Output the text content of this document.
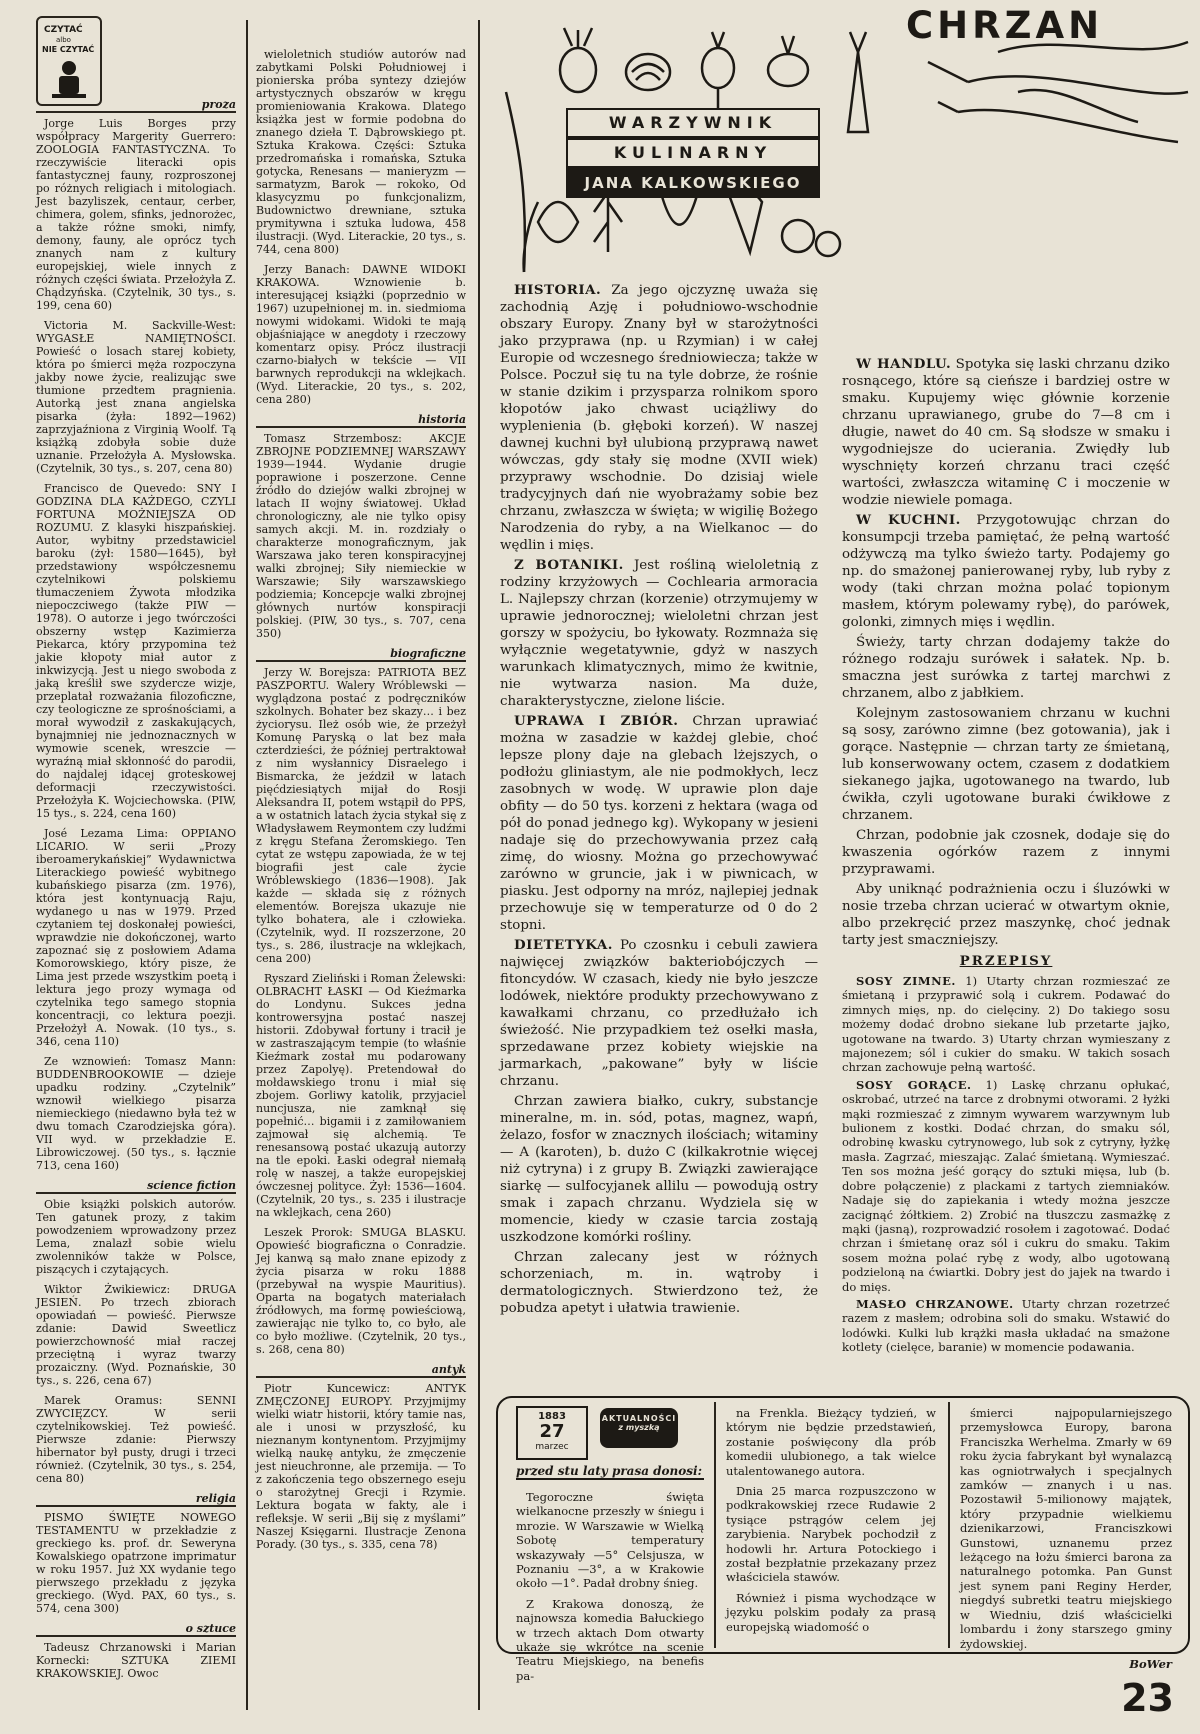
CZYTAĆ
albo
NIE CZYTAĆ
proza

Jorge Luis Borges przy współpracy Margerity Guerrero: ZOOLOGIA FANTASTYCZNA. To rzeczywiście literacki opis fantastycznej fauny, rozproszonej po różnych religiach i mitologiach. Jest bazyliszek, centaur, cerber, chimera, golem, sfinks, jednorożec, a także różne smoki, nimfy, demony, fauny, ale oprócz tych znanych nam z kultury europejskiej, wiele innych z różnych części świata. Przełożyła Z. Chądzyńska. (Czytelnik, 30 tys., s. 199, cena 60)

Victoria M. Sackville-West: WYGASŁE NAMIĘTNOŚCI. Powieść o losach starej kobiety, która po śmierci męża rozpoczyna jakby nowe życie, realizując swe tłumione przedtem pragnienia. Autorką jest znana angielska pisarka (żyła: 1892—1962) zaprzyjaźniona z Virginią Woolf. Tą książką zdobyła sobie duże uznanie. Przełożyła A. Mysłowska. (Czytelnik, 30 tys., s. 207, cena 80)

Francisco de Quevedo: SNY I GODZINA DLA KAŻDEGO, CZYLI FORTUNA MOŻNIEJSZA OD ROZUMU. Z klasyki hiszpańskiej. Autor, wybitny przedstawiciel baroku (żył: 1580—1645), był przedstawiony współczesnemu czytelnikowi polskiemu tłumaczeniem Żywota młodzika niepoczciwego (także PIW — 1978). O autorze i jego twórczości obszerny wstęp Kazimierza Piekarca, który przypomina też jakie kłopoty miał autor z inkwizycją. Jest u niego swoboda z jaką kreślił swe szydercze wizje, przeplatał rozważania filozoficzne, czy teologiczne ze sprośnościami, a morał wywodził z zaskakujących, bynajmniej nie jednoznacznych w wymowie scenek, wreszcie — wyraźną miał skłonność do parodii, do najdalej idącej groteskowej deformacji rzeczywistości. Przełożyła K. Wojciechowska. (PIW, 15 tys., s. 224, cena 160)

José Lezama Lima: OPPIANO LICARIO. W serii „Prozy iberoamerykańskiej” Wydawnictwa Literackiego powieść wybitnego kubańskiego pisarza (zm. 1976), która jest kontynuacją Raju, wydanego u nas w 1979. Przed czytaniem tej doskonałej powieści, wprawdzie nie dokończonej, warto zapoznać się z posłowiem Adama Komorowskiego, który pisze, że Lima jest przede wszystkim poetą i lektura jego prozy wymaga od czytelnika tego samego stopnia koncentracji, co lektura poezji. Przełożył A. Nowak. (10 tys., s. 346, cena 110)

Ze wznowień: Tomasz Mann: BUDDENBROOKOWIE — dzieje upadku rodziny. „Czytelnik” wznowił wielkiego pisarza niemieckiego (niedawno była też w dwu tomach Czarodziejska góra). VII wyd. w przekładzie E. Librowiczowej. (50 tys., s. łącznie 713, cena 160)

science fiction

Obie książki polskich autorów. Ten gatunek prozy, z takim powodzeniem wprowadzony przez Lema, znalazł sobie wielu zwolenników także w Polsce, piszących i czytających.

Wiktor Żwikiewicz: DRUGA JESIEŃ. Po trzech zbiorach opowiadań — powieść. Pierwsze zdanie: Dawid Sweetlicz powierzchowność miał raczej przeciętną i wyraz twarzy prozaiczny. (Wyd. Poznańskie, 30 tys., s. 226, cena 67)

Marek Oramus: SENNI ZWYCIĘZCY. W serii czytelnikowskiej. Też powieść. Pierwsze zdanie: Pierwszy hibernator był pusty, drugi i trzeci również. (Czytelnik, 30 tys., s. 254, cena 80)

religia

PISMO ŚWIĘTE NOWEGO TESTAMENTU w przekładzie z greckiego ks. prof. dr. Seweryna Kowalskiego opatrzone imprimatur w roku 1957. Już XX wydanie tego pierwszego przekładu z języka greckiego. (Wyd. PAX, 60 tys., s. 574, cena 300)

o sztuce

Tadeusz Chrzanowski i Marian Kornecki: SZTUKA ZIEMI KRAKOWSKIEJ. Owoc

wieloletnich studiów autorów nad zabytkami Polski Południowej i pionierska próba syntezy dziejów artystycznych obszarów w kręgu promieniowania Krakowa. Dlatego książka jest w formie podobna do znanego dzieła T. Dąbrowskiego pt. Sztuka Krakowa. Części: Sztuka przedromańska i romańska, Sztuka gotycka, Renesans — manieryzm — sarmatyzm, Barok — rokoko, Od klasycyzmu po funkcjonalizm, Budownictwo drewniane, sztuka prymitywna i sztuka ludowa, 458 ilustracji. (Wyd. Literackie, 20 tys., s. 744, cena 800)

Jerzy Banach: DAWNE WIDOKI KRAKOWA. Wznowienie b. interesującej książki (poprzednio w 1967) uzupełnionej m. in. siedmioma nowymi widokami. Widoki te mają objaśniające w anegdoty i rzeczowy komentarz opisy. Prócz ilustracji czarno-białych w tekście — VII barwnych reprodukcji na wklejkach. (Wyd. Literackie, 20 tys., s. 202, cena 280)

historia

Tomasz Strzembosz: AKCJE ZBROJNE PODZIEMNEJ WARSZAWY 1939—1944. Wydanie drugie poprawione i poszerzone. Cenne źródło do dziejów walki zbrojnej w latach II wojny światowej. Układ chronologiczny, ale nie tylko opisy samych akcji. M. in. rozdziały o charakterze monograficznym, jak Warszawa jako teren konspiracyjnej walki zbrojnej; Siły niemieckie w Warszawie; Siły warszawskiego podziemia; Koncepcje walki zbrojnej głównych nurtów konspiracji polskiej. (PIW, 30 tys., s. 707, cena 350)

biograficzne

Jerzy W. Borejsza: PATRIOTA BEZ PASZPORTU. Walery Wróblewski — wyglądzona postać z podręczników szkolnych. Bohater bez skazy… i bez życiorysu. Ileż osób wie, że przeżył Komunę Paryską o lat bez mała czterdzieści, że później pertraktował z nim wysłannicy Disraelego i Bismarcka, że jeździł w latach pięćdziesiątych mijał do Rosji Aleksandra II, potem wstąpił do PPS, a w ostatnich latach życia stykał się z Władysławem Reymontem czy ludźmi z kręgu Stefana Żeromskiego. Ten cytat ze wstępu zapowiada, że w tej biografii jest cale życie Wróblewskiego (1836—1908). Jak każde — składa się z różnych elementów. Borejsza ukazuje nie tylko bohatera, ale i człowieka. (Czytelnik, wyd. II rozszerzone, 20 tys., s. 286, ilustracje na wklejkach, cena 200)

Ryszard Zieliński i Roman Żelewski: OLBRACHT ŁASKI — Od Kieźmarka do Londynu. Sukces jedna kontrowersyjna postać naszej historii. Zdobywał fortuny i tracił je w zastraszającym tempie (to właśnie Kieźmark został mu podarowany przez Zapolyę). Pretendował do mołdawskiego tronu i miał się zbojem. Gorliwy katolik, przyjaciel nuncjusza, nie zamknął się popełnić… bigamii i z zamiłowaniem zajmował się alchemią. Te renesansową postać ukazują autorzy na tle epoki. Łaski odegrał niemałą rolę w naszej, a także europejskiej ówczesnej polityce. Żył: 1536—1604. (Czytelnik, 20 tys., s. 235 i ilustracje na wklejkach, cena 260)

Leszek Prorok: SMUGA BLASKU. Opowieść biograficzna o Conradzie. Jej kanwą są mało znane epizody z życia pisarza w roku 1888 (przebywał na wyspie Mauritius). Oparta na bogatych materiałach źródłowych, ma formę powieściową, zawierając nie tylko to, co było, ale co było możliwe. (Czytelnik, 20 tys., s. 268, cena 80)

antyk

Piotr Kuncewicz: ANTYK ZMĘCZONEJ EUROPY. Przyjmijmy wielki wiatr historii, który tamie nas, ale i unosi w przyszłość, ku nieznanym kontynentom. Przyjmijmy wielką naukę antyku, że zmęczenie jest nieuchronne, ale przemija. — To z zakończenia tego obszernego eseju o starożytnej Grecji i Rzymie. Lektura bogata w fakty, ale i refleksje. W serii „Bij się z myślami” Naszej Księgarni. Ilustracje Zenona Porady. (30 tys., s. 335, cena 78)

CHRZAN
WARZYWNIK
KULINARNY
JANA KALKOWSKIEGO

HISTORIA. Za jego ojczyznę uważa się zachodnią Azję i południowo-wschodnie obszary Europy. Znany był w starożytności jako przyprawa (np. u Rzymian) i w całej Europie od wczesnego średniowiecza; także w Polsce. Poczuł się tu na tyle dobrze, że rośnie w stanie dzikim i przysparza rolnikom sporo kłopotów jako chwast uciążliwy do wyplenienia (b. głęboki korzeń). W naszej dawnej kuchni był ulubioną przyprawą nawet wówczas, gdy stały się modne (XVII wiek) przyprawy wschodnie. Do dzisiaj wiele tradycyjnych dań nie wyobrażamy sobie bez chrzanu, zwłaszcza w święta; w wigilię Bożego Narodzenia do ryby, a na Wielkanoc — do wędlin i mięs.

Z BOTANIKI. Jest rośliną wieloletnią z rodziny krzyżowych — Cochlearia armoracia L. Najlepszy chrzan (korzenie) otrzymujemy w uprawie jednorocznej; wieloletni chrzan jest gorszy w spożyciu, bo łykowaty. Rozmnaża się wyłącznie wegetatywnie, gdyż w naszych warunkach klimatycznych, mimo że kwitnie, nie wytwarza nasion. Ma duże, charakterystyczne, zielone liście.

UPRAWA I ZBIÓR. Chrzan uprawiać można w zasadzie w każdej glebie, choć lepsze plony daje na glebach lżejszych, o podłożu gliniastym, ale nie podmokłych, lecz zasobnych w wodę. W uprawie plon daje obfity — do 50 tys. korzeni z hektara (waga od pół do ponad jednego kg). Wykopany w jesieni nadaje się do przechowywania przez całą zimę, do wiosny. Można go przechowywać zarówno w gruncie, jak i w piwnicach, w piasku. Jest odporny na mróz, najlepiej jednak przechowuje się w temperaturze od 0 do 2 stopni.

DIETETYKA. Po czosnku i cebuli zawiera najwięcej związków bakteriobójczych — fitoncydów. W czasach, kiedy nie było jeszcze lodówek, niektóre produkty przechowywano z kawałkami chrzanu, co przedłużało ich świeżość. Nie przypadkiem też osełki masła, sprzedawane przez kobiety wiejskie na jarmarkach, „pakowane” były w liście chrzanu.

Chrzan zawiera białko, cukry, substancje mineralne, m. in. sód, potas, magnez, wapń, żelazo, fosfor w znacznych ilościach; witaminy — A (karoten), b. dużo C (kilkakrotnie więcej niż cytryna) i z grupy B. Związki zawierające siarkę — sulfocyjanek allilu — powodują ostry smak i zapach chrzanu. Wydziela się w momencie, kiedy w czasie tarcia zostają uszkodzone komórki rośliny.

Chrzan zalecany jest w różnych schorzeniach, m. in. wątroby i dermatologicznych. Stwierdzono też, że pobudza apetyt i ułatwia trawienie.

W HANDLU. Spotyka się laski chrzanu dziko rosnącego, które są cieńsze i bardziej ostre w smaku. Kupujemy więc głównie korzenie chrzanu uprawianego, grube do 7—8 cm i długie, nawet do 40 cm. Są słodsze w smaku i wygodniejsze do ucierania. Zwiędły lub wyschnięty korzeń chrzanu traci część wartości, zwłaszcza witaminę C i moczenie w wodzie niewiele pomaga.

W KUCHNI. Przygotowując chrzan do konsumpcji trzeba pamiętać, że pełną wartość odżywczą ma tylko świeżo tarty. Podajemy go np. do smażonej panierowanej ryby, lub ryby z wody (taki chrzan można polać topionym masłem, którym polewamy rybę), do parówek, golonki, zimnych mięs i wędlin.

Świeży, tarty chrzan dodajemy także do różnego rodzaju surówek i sałatek. Np. b. smaczna jest surówka z tartej marchwi z chrzanem, albo z jabłkiem.

Kolejnym zastosowaniem chrzanu w kuchni są sosy, zarówno zimne (bez gotowania), jak i gorące. Następnie — chrzan tarty ze śmietaną, lub konserwowany octem, czasem z dodatkiem siekanego jajka, ugotowanego na twardo, lub ćwikła, czyli ugotowane buraki ćwikłowe z chrzanem.

Chrzan, podobnie jak czosnek, dodaje się do kwaszenia ogórków razem z innymi przyprawami.

Aby uniknąć podrażnienia oczu i śluzówki w nosie trzeba chrzan ucierać w otwartym oknie, albo przekręcić przez maszynkę, choć jednak tarty jest smaczniejszy.

PRZEPISY

SOSY ZIMNE. 1) Utarty chrzan rozmieszać ze śmietaną i przyprawić solą i cukrem. Podawać do zimnych mięs, np. do cielęciny. 2) Do takiego sosu możemy dodać drobno siekane lub przetarte jajko, ugotowane na twardo. 3) Utarty chrzan wymieszany z majonezem; sól i cukier do smaku. W takich sosach chrzan zachowuje pełną wartość.

SOSY GORĄCE. 1) Laskę chrzanu opłukać, oskrobać, utrzeć na tarce z drobnymi otworami. 2 łyżki mąki rozmieszać z zimnym wywarem warzywnym lub bulionem z kostki. Dodać chrzan, do smaku sól, odrobinę kwasku cytrynowego, lub sok z cytryny, łyżkę masła. Zagrzać, mieszając. Zalać śmietaną. Wymieszać. Ten sos można jeść gorący do sztuki mięsa, lub (b. dobre połączenie) z plackami z tartych ziemniaków. Nadaje się do zapiekania i wtedy można jeszcze zacignąć żółtkiem. 2) Zrobić na tłuszczu zasmażkę z mąki (jasną), rozprowadzić rosołem i zagotować. Dodać chrzan i śmietanę oraz sól i cukru do smaku. Takim sosem można polać rybę z wody, albo ugotowaną podzieloną na ćwiartki. Dobry jest do jajek na twardo i do mięs.

MASŁO CHRZANOWE. Utarty chrzan rozetrzeć razem z masłem; odrobina soli do smaku. Wstawić do lodówki. Kulki lub krążki masła układać na smażone kotlety (cielęce, baranie) w momencie podawania.

1883
27
marzec
AKTUALNOŚCI
z myszką
przed stu laty prasa donosi:

Tegoroczne święta wielkanocne przeszły w śniegu i mrozie. W Warszawie w Wielką Sobotę temperatury wskazywały —5° Celsjusza, w Poznaniu —3°, a w Krakowie około —1°. Padał drobny śnieg.

Z Krakowa donoszą, że najnowsza komedia Bałuckiego w trzech aktach Dom otwarty ukaże się wkrótce na scenie Teatru Miejskiego, na benefis pa-

na Frenkla. Bieżący tydzień, w którym nie będzie przedstawień, zostanie poświęcony dla prób komedii ulubionego, a tak wielce utalentowanego autora.

Dnia 25 marca rozpuszczono w podkrakowskiej rzece Rudawie 2 tysiące pstrągów celem jej zarybienia. Narybek pochodził z hodowli hr. Artura Potockiego i został bezpłatnie przekazany przez właściciela stawów.

Również i pisma wychodzące w języku polskim podały za prasą europejską wiadomość o

śmierci najpopularniejszego przemysłowca Europy, barona Franciszka Werhelma. Zmarły w 69 roku życia fabrykant był wynalazcą kas ogniotrwałych i specjalnych zamków — znanych i u nas. Pozostawił 5-milionowy majątek, który przypadnie wielkiemu dzienikarzowi, Franciszkowi Gunstowi, uznanemu przez leżącego na łożu śmierci barona za naturalnego potomka. Pan Gunst jest synem pani Reginy Herder, niegdyś subretki teatru miejskiego w Wiedniu, dziś właścicielki lombardu i żony starszego gminy żydowskiej.

BoWer

23
